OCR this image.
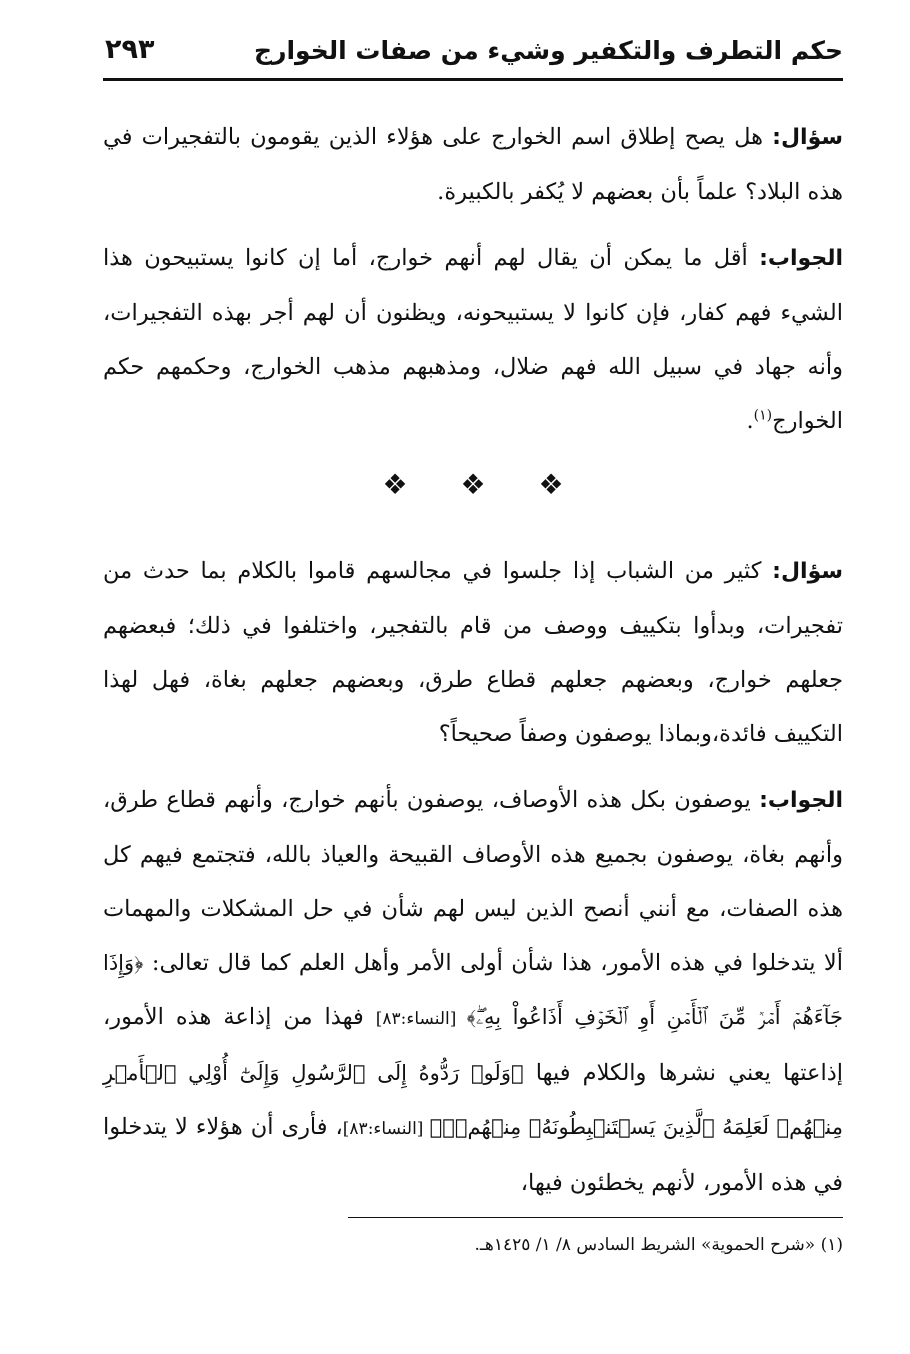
حكم التطرف والتكفير وشيء من صفات الخوارج
٢٩٣

سؤال: هل يصح إطلاق اسم الخوارج على هؤلاء الذين يقومون بالتفجيرات في هذه البلاد؟ علماً بأن بعضهم لا يُكفر بالكبيرة.

الجواب: أقل ما يمكن أن يقال لهم أنهم خوارج، أما إن كانوا يستبيحون هذا الشيء فهم كفار، فإن كانوا لا يستبيحونه، ويظنون أن لهم أجر بهذه التفجيرات، وأنه جهاد في سبيل الله فهم ضلال، ومذهبهم مذهب الخوارج، وحكمهم حكم الخوارج$^{(١)}$.

❖ ❖ ❖

سؤال: كثير من الشباب إذا جلسوا في مجالسهم قاموا بالكلام بما حدث من تفجيرات، وبدأوا بتكييف ووصف من قام بالتفجير، واختلفوا في ذلك؛ فبعضهم جعلهم خوارج، وبعضهم جعلهم قطاع طرق، وبعضهم جعلهم بغاة، فهل لهذا التكييف فائدة،وبماذا يوصفون وصفاً صحيحاً؟

الجواب: يوصفون بكل هذه الأوصاف، يوصفون بأنهم خوارج، وأنهم قطاع طرق، وأنهم بغاة، يوصفون بجميع هذه الأوصاف القبيحة والعياذ بالله، فتجتمع فيهم كل هذه الصفات، مع أنني أنصح الذين ليس لهم شأن في حل المشكلات والمهمات ألا يتدخلوا في هذه الأمور، هذا شأن أولى الأمر وأهل العلم كما قال تعالى: ﴿وَإِذَا جَآءَهُمۡ أَمۡرٞ مِّنَ ٱلۡأَمۡنِ أَوِ ٱلۡخَوۡفِ أَذَاعُواْ بِهِۦۖ﴾ [النساء:٨٣] فهذا من إذاعة هذه الأمور، إذاعتها يعني نشرها والكلام فيها ﴿وَلَوۡ رَدُّوهُ إِلَى ٱلرَّسُولِ وَإِلَىٰٓ أُوْلِي ٱلۡأَمۡرِ مِنۡهُمۡ لَعَلِمَهُ ٱلَّذِينَ يَسۡتَنۢبِطُونَهُۥ مِنۡهُمۡۗ﴾ [النساء:٨٣]، فأرى أن هؤلاء لا يتدخلوا في هذه الأمور، لأنهم يخطئون فيها،

(١) «شرح الحموية» الشريط السادس ٨/ ١/ ١٤٢٥هـ.
